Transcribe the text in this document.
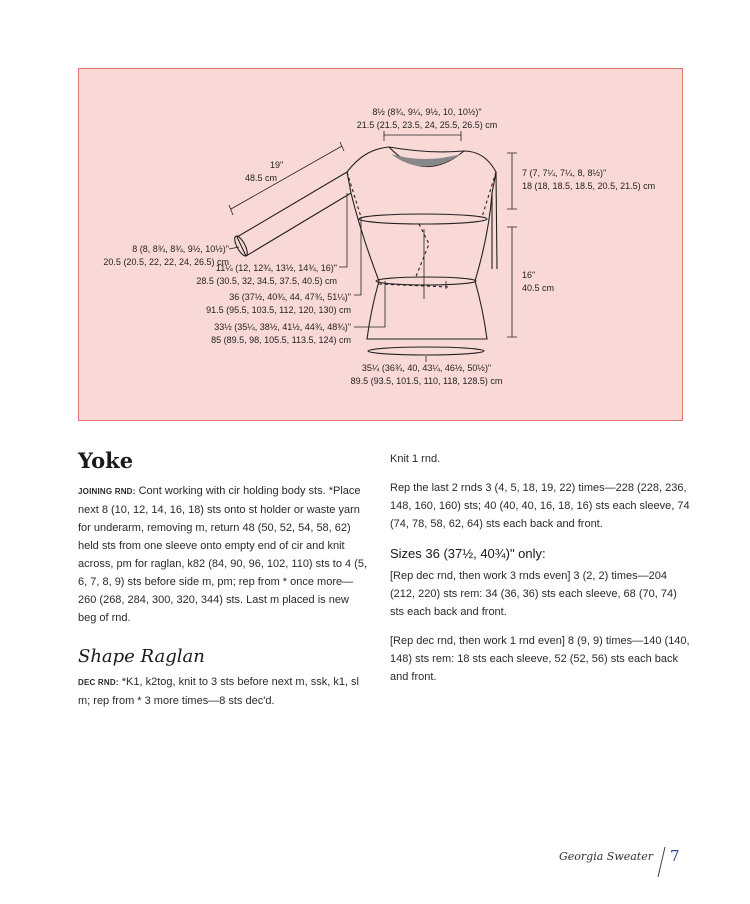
8½ (8¾, 9¼, 9½, 10, 10½)"
21.5 (21.5, 23.5, 24, 25.5, 26.5) cm
19"
48.5 cm
8 (8, 8¾, 8¾, 9½, 10½)"
20.5 (20.5, 22, 22, 24, 26.5) cm
11¼ (12, 12¾, 13½, 14¾, 16)"
28.5 (30.5, 32, 34.5, 37.5, 40.5) cm
36 (37½, 40¾, 44, 47¾, 51¼)"
91.5 (95.5, 103.5, 112, 120, 130) cm
33½ (35¼, 38½, 41½, 44¾, 48¾)"
85 (89.5, 98, 105.5, 113.5, 124) cm
35¼ (36¾, 40, 43¼, 46½, 50½)"
89.5 (93.5, 101.5, 110, 118, 128.5) cm
7 (7, 7¼, 7¼, 8, 8½)"
18 (18, 18.5, 18.5, 20.5, 21.5) cm
16"
40.5 cm
Yoke

JOINING RND: Cont working with cir holding body sts. *Place next 8 (10, 12, 14, 16, 18) sts onto st holder or waste yarn for underarm, removing m, return 48 (50, 52, 54, 58, 62) held sts from one sleeve onto empty end of cir and knit across, pm for raglan, k82 (84, 90, 96, 102, 110) sts to 4 (5, 6, 7, 8, 9) sts before side m, pm; rep from * once more—260 (268, 284, 300, 320, 344) sts. Last m placed is new beg of rnd.

Shape Raglan

DEC RND: *K1, k2tog, knit to 3 sts before next m, ssk, k1, sl m; rep from * 3 more times—8 sts dec'd.

Knit 1 rnd.

Rep the last 2 rnds 3 (4, 5, 18, 19, 22) times—228 (228, 236, 148, 160, 160) sts; 40 (40, 40, 16, 18, 16) sts each sleeve, 74 (74, 78, 58, 62, 64) sts each back and front.

Sizes 36 (37½, 40¾)" only:

[Rep dec rnd, then work 3 rnds even] 3 (2, 2) times—204 (212, 220) sts rem: 34 (36, 36) sts each sleeve, 68 (70, 74) sts each back and front.

[Rep dec rnd, then work 1 rnd even] 8 (9, 9) times—140 (140, 148) sts rem: 18 sts each sleeve, 52 (52, 56) sts each back and front.

Georgia Sweater 7
